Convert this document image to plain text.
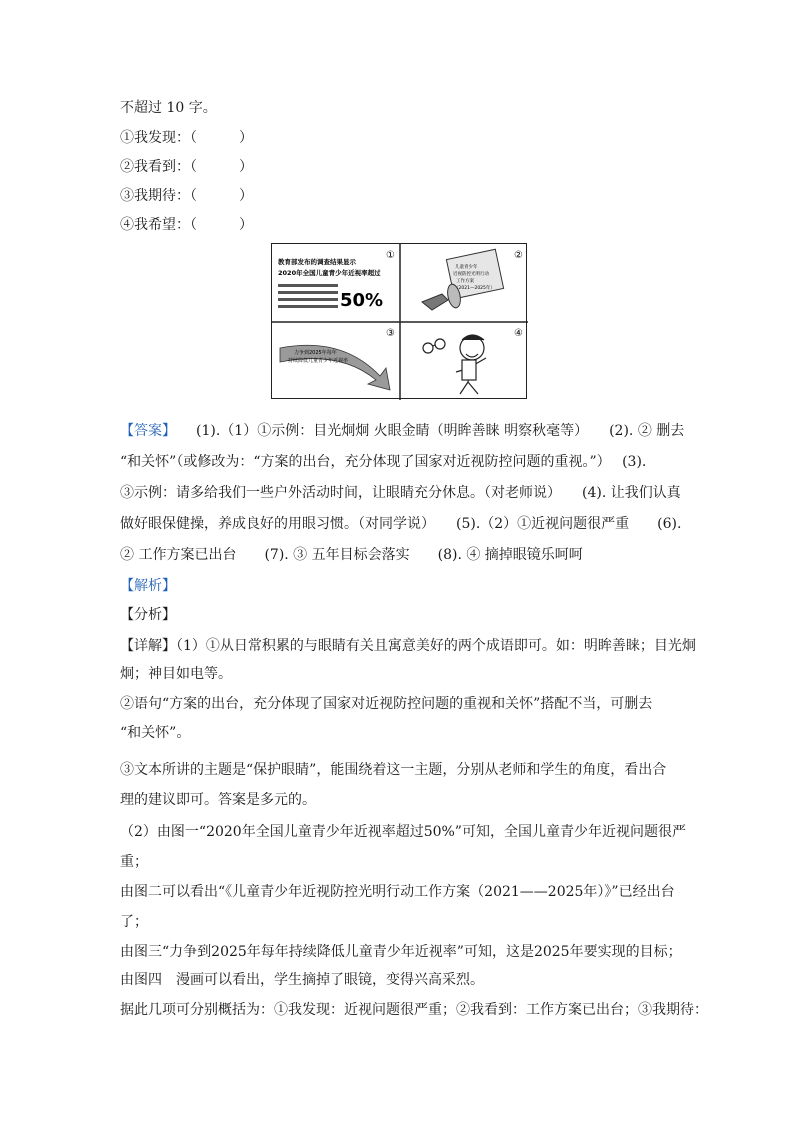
不超过 10 字。
①我发现：（　　　）
②我看到：（　　　）
③我期待：（　　　）
④我希望：（　　　）
①
教育部发布的调查结果显示
2020年全国儿童青少年近视率超过
50%
②
儿童青少年
近视防控光明行动
工作方案
（2021—2025年）
③
力争到2025年每年
持续降低儿童青少年近视率
④
【答案】 (1).（1）①示例：目光炯炯 火眼金睛（明眸善睐 明察秋毫等）　　(2). ② 删去
“和关怀”（或修改为：“方案的出台，充分体现了国家对近视防控问题的重视。”）　 (3).
③示例：请多给我们一些户外活动时间，让眼睛充分休息。（对老师说）　　(4). 让我们认真
做好眼保健操，养成良好的用眼习惯。（对同学说）　　(5).（2）①近视问题很严重　　(6).
② 工作方案已出台　　(7). ③ 五年目标会落实　　(8). ④ 摘掉眼镜乐呵呵
【解析】
【分析】
【详解】（1）①从日常积累的与眼睛有关且寓意美好的两个成语即可。如：明眸善睐；目光炯
炯；神目如电等。
②语句“方案的出台，充分体现了国家对近视防控问题的重视和关怀”搭配不当，可删去
“和关怀”。
③文本所讲的主题是“保护眼睛”，能围绕着这一主题，分别从老师和学生的角度，看出合
理的建议即可。答案是多元的。
（2）由图一“2020年全国儿童青少年近视率超过50%”可知，全国儿童青少年近视问题很严
重；
由图二可以看出“《儿童青少年近视防控光明行动工作方案（2021——2025年）》”已经出台
了；
由图三“力争到2025年每年持续降低儿童青少年近视率”可知，这是2025年要实现的目标；
由图四　漫画可以看出，学生摘掉了眼镜，变得兴高采烈。
据此几项可分别概括为：①我发现：近视问题很严重；②我看到：工作方案已出台；③我期待：
